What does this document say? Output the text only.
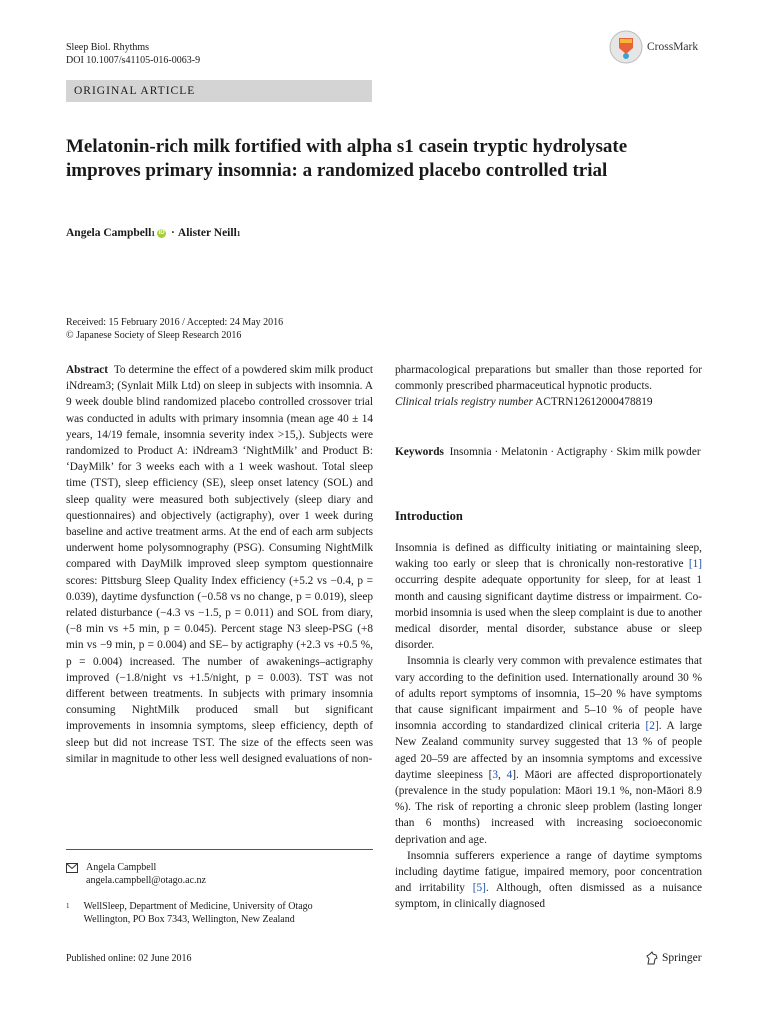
Sleep Biol. Rhythms
DOI 10.1007/s41105-016-0063-9
CrossMark
ORIGINAL ARTICLE
Melatonin-rich milk fortified with alpha s1 casein tryptic hydrolysate improves primary insomnia: a randomized placebo controlled trial
Angela Campbell 1 iD · Alister Neill 1
Received: 15 February 2016 / Accepted: 24 May 2016
© Japanese Society of Sleep Research 2016
Abstract To determine the effect of a powdered skim milk product iNdream3; (Synlait Milk Ltd) on sleep in subjects with insomnia. A 9 week double blind randomized placebo controlled crossover trial was conducted in adults with primary insomnia (mean age 40 ± 14 years, 14/19 female, insomnia severity index >15,). Subjects were randomized to Product A: iNdream3 ‘NightMilk’ and Product B: ‘DayMilk’ for 3 weeks each with a 1 week washout. Total sleep time (TST), sleep efficiency (SE), sleep onset latency (SOL) and sleep quality were measured both subjectively (sleep diary and questionnaires) and objectively (actigraphy), over 1 week during baseline and active treatment arms. At the end of each arm subjects underwent home polysomnography (PSG). Consuming NightMilk compared with DayMilk improved sleep symptom questionnaire scores: Pittsburg Sleep Quality Index efficiency (+5.2 vs −0.4, p = 0.039), daytime dysfunction (−0.58 vs no change, p = 0.019), sleep related disturbance (−4.3 vs −1.5, p = 0.011) and SOL from diary, (−8 min vs +5 min, p = 0.045). Percent stage N3 sleep-PSG (+8 min vs −9 min, p = 0.004) and SE– by actigraphy (+2.3 vs +0.5 %, p = 0.004) increased. The number of awakenings–actigraphy improved (−1.8/night vs +1.5/night, p = 0.003). TST was not different between treatments. In subjects with primary insomnia consuming NightMilk produced small but significant improvements in insomnia symptoms, sleep efficiency, depth of sleep but did not increase TST. The size of the effects seen was similar in magnitude to other less well designed evaluations of non-
pharmacological preparations but smaller than those reported for commonly prescribed pharmaceutical hypnotic products.
Clinical trials registry number ACTRN12612000478819
Keywords Insomnia · Melatonin · Actigraphy · Skim milk powder
Introduction

Insomnia is defined as difficulty initiating or maintaining sleep, waking too early or sleep that is chronically non-restorative [1] occurring despite adequate opportunity for sleep, for at least 1 month and causing significant daytime distress or impairment. Co-morbid insomnia is used when the sleep complaint is due to another medical disorder, mental disorder, substance abuse or sleep disorder.

Insomnia is clearly very common with prevalence estimates that vary according to the definition used. Internationally around 30 % of adults report symptoms of insomnia, 15–20 % have symptoms that cause significant impairment and 5–10 % of people have insomnia according to standardized clinical criteria [2]. A large New Zealand community survey suggested that 13 % of people aged 20–59 are affected by an insomnia symptoms and excessive daytime sleepiness [3, 4]. Māori are affected disproportionately (prevalence in the study population: Māori 19.1 %, non-Māori 8.9 %). The risk of reporting a chronic sleep problem (lasting longer than 6 months) increased with increasing socioeconomic deprivation and age.

Insomnia sufferers experience a range of daytime symptoms including daytime fatigue, impaired memory, poor concentration and irritability [5]. Although, often dismissed as a nuisance symptom, in clinically diagnosed

Angela Campbell
angela.campbell@otago.ac.nz
1 WellSleep, Department of Medicine, University of Otago
Wellington, PO Box 7343, Wellington, New Zealand
Published online: 02 June 2016	Springer
